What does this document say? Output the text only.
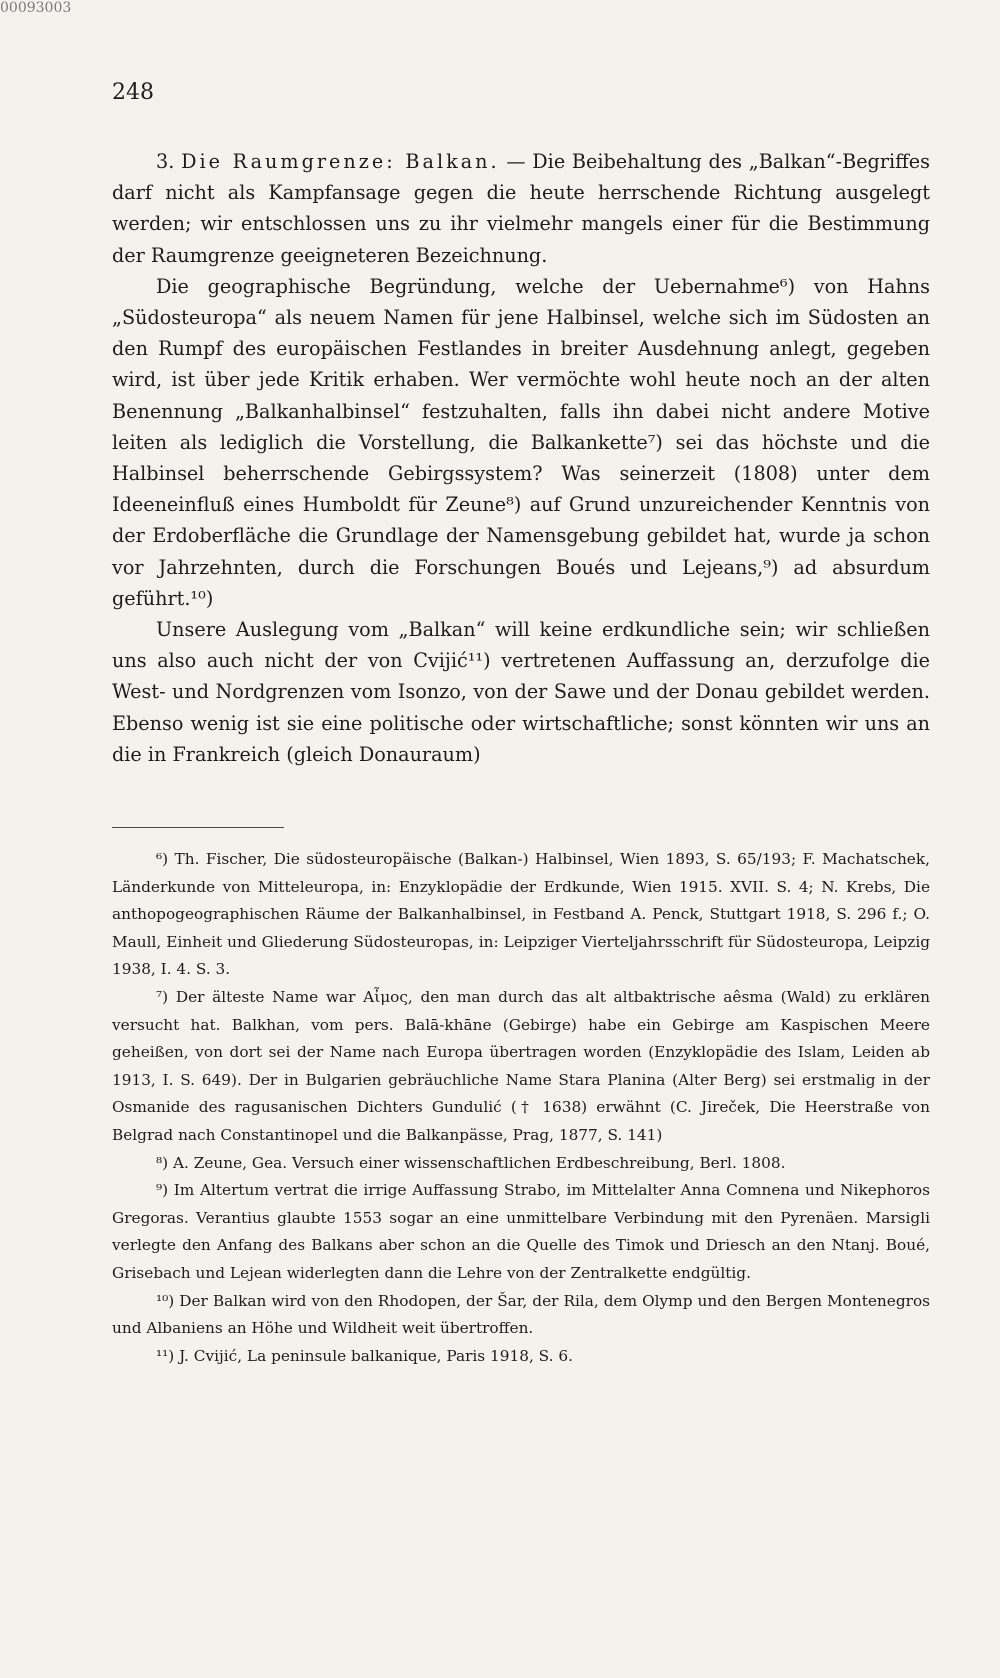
00093003
248

3. Die Raumgrenze: Balkan. — Die Beibehaltung des „Balkan“-Begriffes darf nicht als Kampfansage gegen die heute herrschende Richtung ausgelegt werden; wir entschlossen uns zu ihr vielmehr mangels einer für die Bestimmung der Raumgrenze geeigneteren Bezeichnung.

Die geographische Begründung, welche der Uebernahme⁶) von Hahns „Südosteuropa“ als neuem Namen für jene Halbinsel, welche sich im Südosten an den Rumpf des europäischen Festlandes in breiter Ausdehnung anlegt, gegeben wird, ist über jede Kritik erhaben. Wer vermöchte wohl heute noch an der alten Benennung „Balkanhalbinsel“ festzuhalten, falls ihn dabei nicht andere Motive leiten als lediglich die Vorstellung, die Balkankette⁷) sei das höchste und die Halbinsel beherrschende Gebirgssystem? Was seinerzeit (1808) unter dem Ideeneinfluß eines Humboldt für Zeune⁸) auf Grund unzureichender Kenntnis von der Erdoberfläche die Grundlage der Namensgebung gebildet hat, wurde ja schon vor Jahrzehnten, durch die Forschungen Boués und Lejeans,⁹) ad absurdum geführt.¹⁰)

Unsere Auslegung vom „Balkan“ will keine erdkundliche sein; wir schließen uns also auch nicht der von Cvijić¹¹) vertretenen Auffassung an, derzufolge die West- und Nordgrenzen vom Isonzo, von der Sawe und der Donau gebildet werden. Ebenso wenig ist sie eine politische oder wirtschaftliche; sonst könnten wir uns an die in Frankreich (gleich Donauraum)

⁶) Th. Fischer, Die südosteuropäische (Balkan-) Halbinsel, Wien 1893, S. 65/193; F. Machatschek, Länderkunde von Mitteleuropa, in: Enzyklopädie der Erdkunde, Wien 1915. XVII. S. 4; N. Krebs, Die anthopogeographischen Räume der Balkanhalbinsel, in Festband A. Penck, Stuttgart 1918, S. 296 f.; O. Maull, Einheit und Gliederung Südosteuropas, in: Leipziger Vierteljahrsschrift für Südosteuropa, Leipzig 1938, I. 4. S. 3.

⁷) Der älteste Name war Αἶμος, den man durch das alt altbaktrische aêsma (Wald) zu erklären versucht hat. Balkhan, vom pers. Balā-khāne (Gebirge) habe ein Gebirge am Kaspischen Meere geheißen, von dort sei der Name nach Europa übertragen worden (Enzyklopädie des Islam, Leiden ab 1913, I. S. 649). Der in Bulgarien gebräuchliche Name Stara Planina (Alter Berg) sei erstmalig in der Osmanide des ragusanischen Dichters Gundulić († 1638) erwähnt (C. Jireček, Die Heerstraße von Belgrad nach Constantinopel und die Balkanpässe, Prag, 1877, S. 141)

⁸) A. Zeune, Gea. Versuch einer wissenschaftlichen Erdbeschreibung, Berl. 1808.

⁹) Im Altertum vertrat die irrige Auffassung Strabo, im Mittelalter Anna Comnena und Nikephoros Gregoras. Verantius glaubte 1553 sogar an eine unmittelbare Verbindung mit den Pyrenäen. Marsigli verlegte den Anfang des Balkans aber schon an die Quelle des Timok und Driesch an den Ntanj. Boué, Grisebach und Lejean widerlegten dann die Lehre von der Zentralkette endgültig.

¹⁰) Der Balkan wird von den Rhodopen, der Šar, der Rila, dem Olymp und den Bergen Montenegros und Albaniens an Höhe und Wildheit weit übertroffen.

¹¹) J. Cvijić, La peninsule balkanique, Paris 1918, S. 6.
